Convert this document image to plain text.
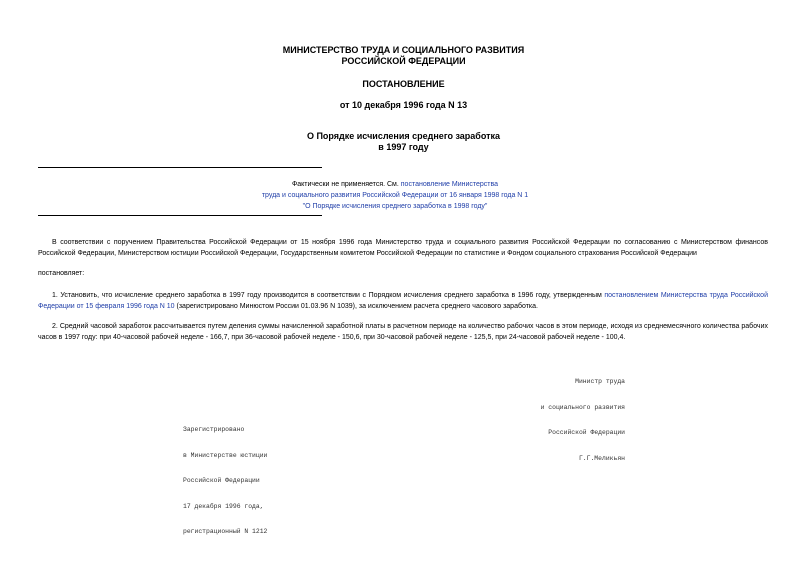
МИНИСТЕРСТВО ТРУДА И СОЦИАЛЬНОГО РАЗВИТИЯ
РОССИЙСКОЙ ФЕДЕРАЦИИ
ПОСТАНОВЛЕНИЕ
от 10 декабря 1996 года N 13
О Порядке исчисления среднего заработка
в 1997 году
Фактически не применяется. См. постановление Министерства
труда и социального развития Российской Федерации от 16 января 1998 года N 1
"О Порядке исчисления среднего заработка в 1998 году"
В соответствии с поручением Правительства Российской Федерации от 15 ноября 1996 года Министерство труда и социального развития Российской Федерации по согласованию с Министерством финансов Российской Федерации, Министерством юстиции Российской Федерации, Государственным комитетом Российской Федерации по статистике и Фондом социального страхования Российской Федерации
постановляет:
1. Установить, что исчисление среднего заработка в 1997 году производится в соответствии с Порядком исчисления среднего заработка в 1996 году, утвержденным постановлением Министерства труда Российской Федерации от 15 февраля 1996 года N 10 (зарегистрировано Минюстом России 01.03.96 N 1039), за исключением расчета среднего часового заработка.
2. Средний часовой заработок рассчитывается путем деления суммы начисленной заработной платы в расчетном периоде на количество рабочих часов в этом периоде, исходя из среднемесячного количества рабочих часов в 1997 году: при 40-часовой рабочей неделе - 166,7, при 36-часовой рабочей неделе - 150,6, при 30-часовой рабочей неделе - 125,5, при 24-часовой рабочей неделе - 100,4.

Министр труда

и социального развития

Российской Федерации

Г.Г.Меликьян

Зарегистрировано

в Министерстве юстиции

Российской Федерации

17 декабря 1996 года,

регистрационный N 1212
